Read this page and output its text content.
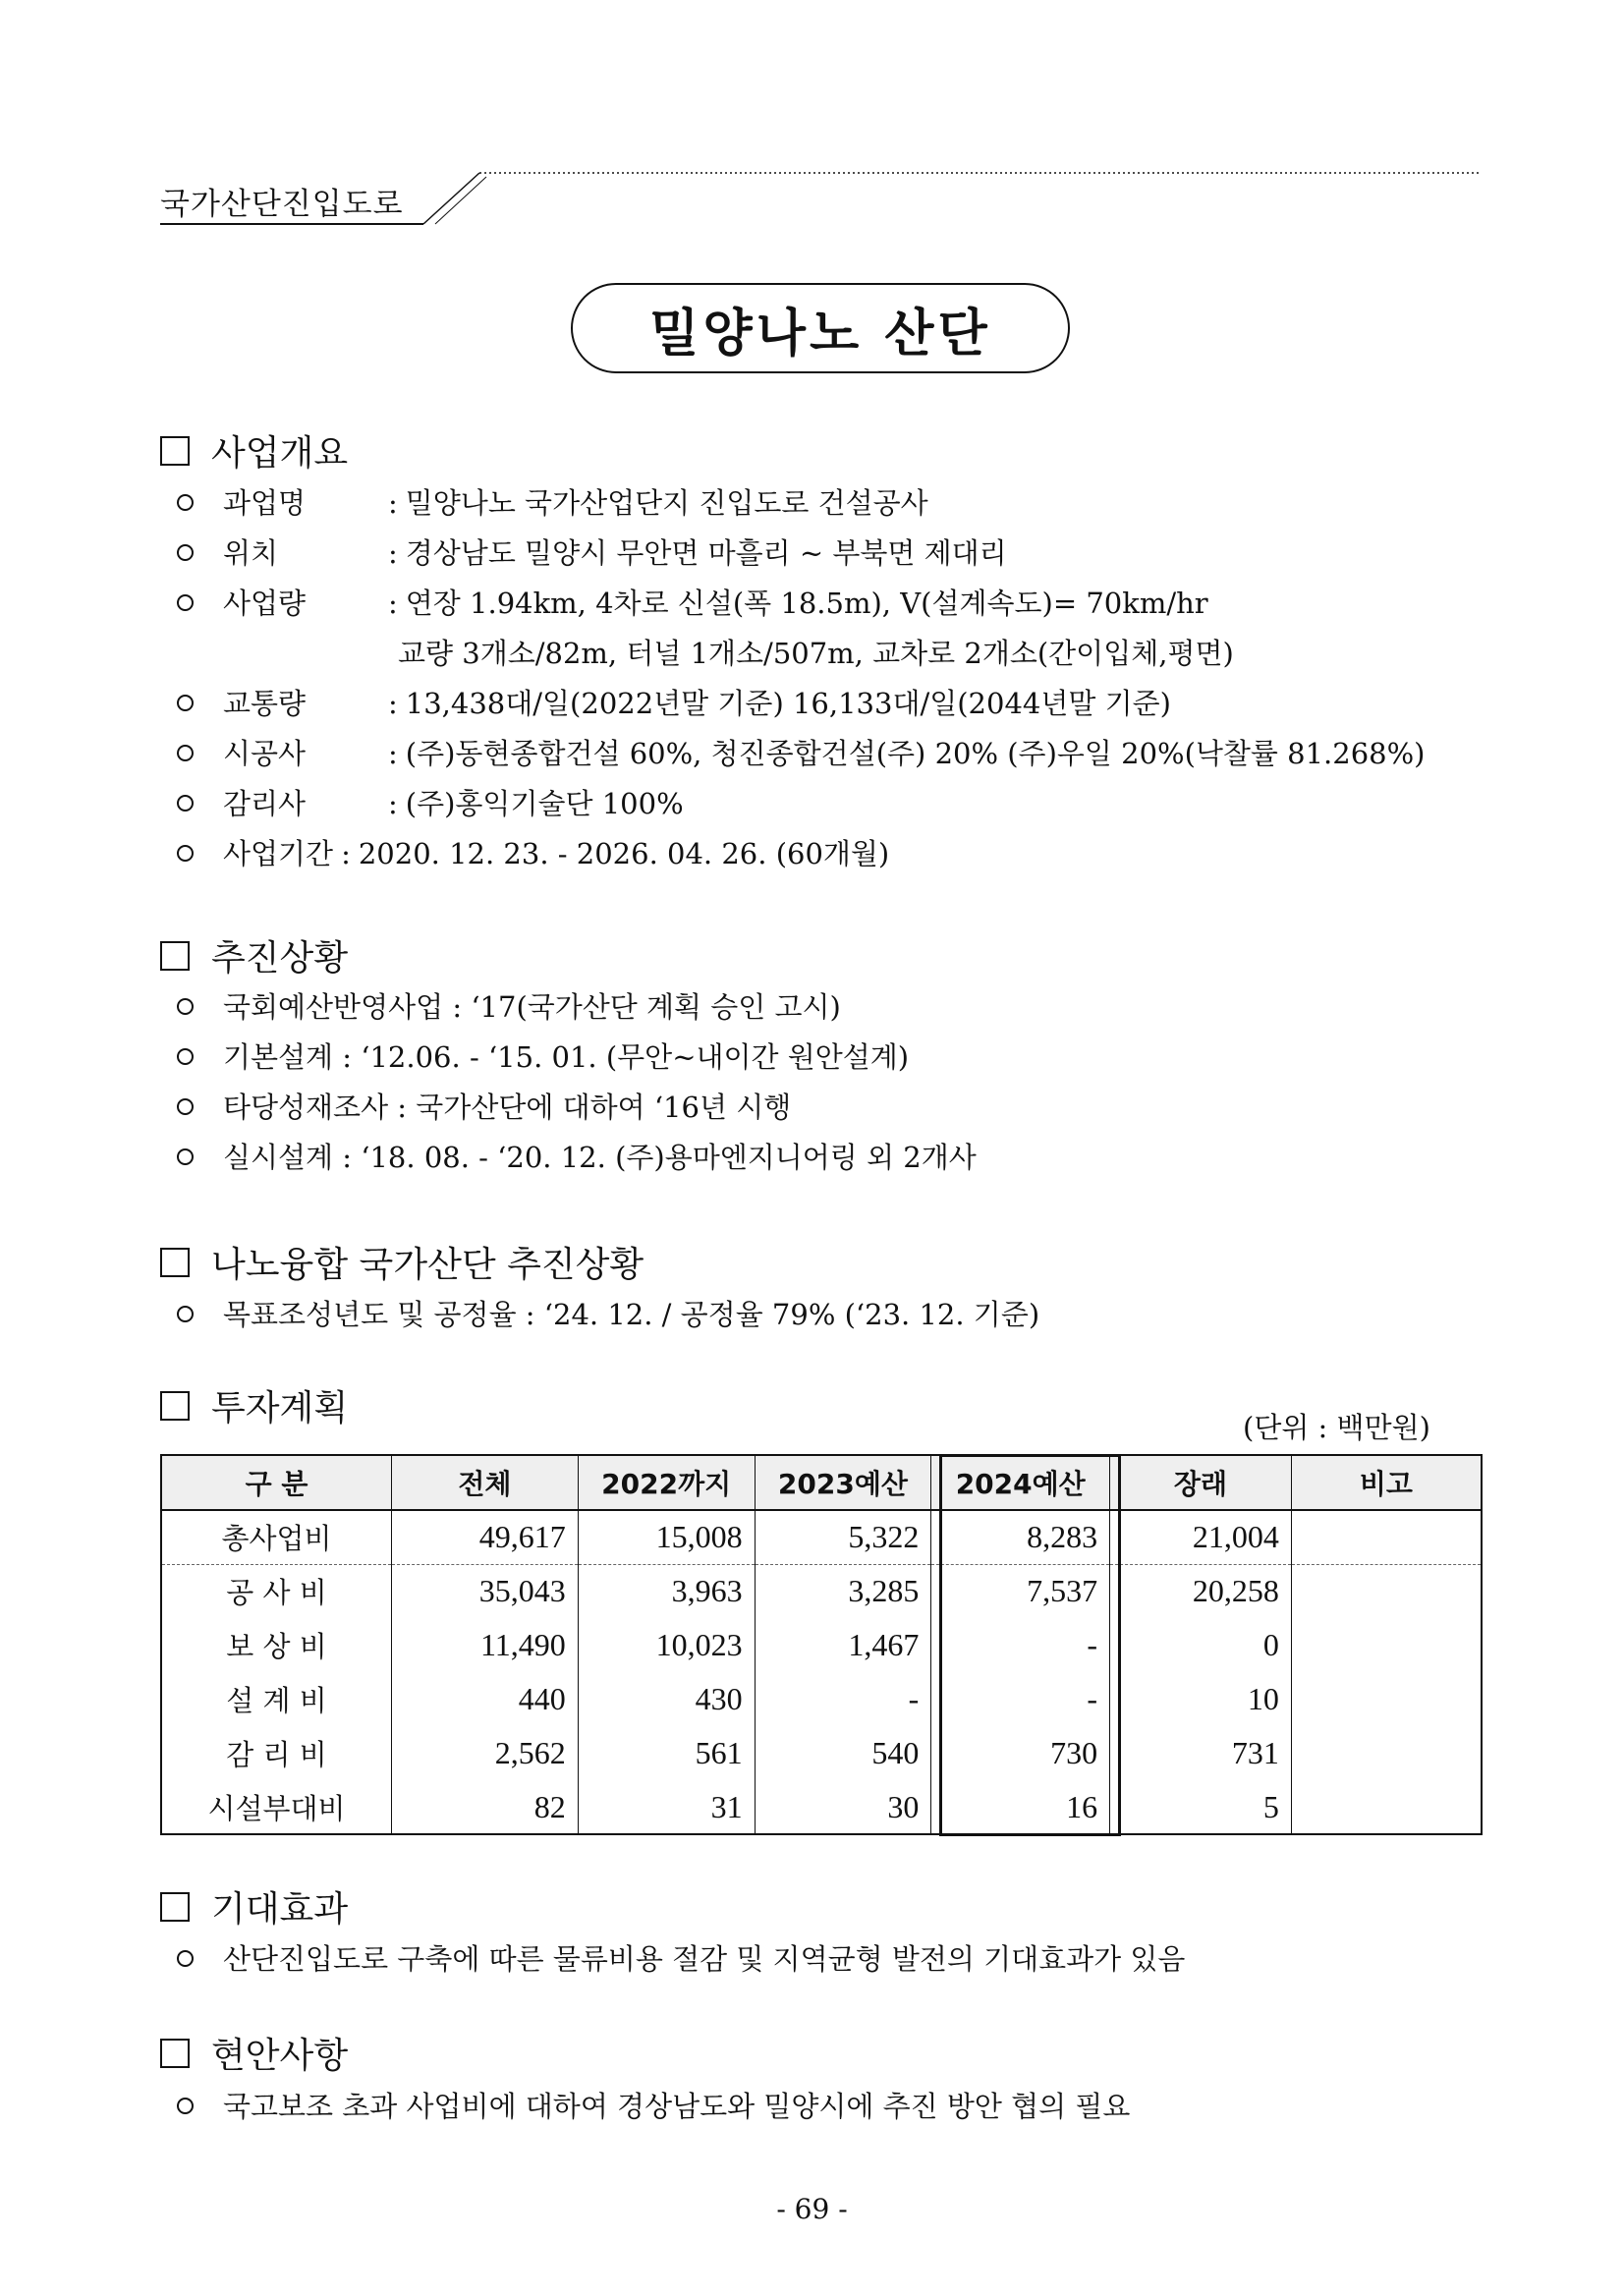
국가산단진입도로
밀양나노 산단
사업개요
과업명	: 밀양나노 국가산업단지 진입도로 건설공사
위치	: 경상남도 밀양시 무안면 마흘리 ~ 부북면 제대리
사업량	: 연장 1.94km, 4차로 신설(폭 18.5m), V(설계속도)= 70km/hr
교량 3개소/82m, 터널 1개소/507m, 교차로 2개소(간이입체,평면)
교통량	: 13,438대/일(2022년말 기준) 16,133대/일(2044년말 기준)
시공사	: (주)동현종합건설 60%, 청진종합건설(주) 20% (주)우일 20%(낙찰률 81.268%)
감리사	: (주)홍익기술단 100%
사업기간 : 2020. 12. 23. - 2026. 04. 26. (60개월)
추진상황
국회예산반영사업 : ‘17(국가산단 계획 승인 고시)
기본설계 : ‘12.06. - ‘15. 01. (무안~내이간 원안설계)
타당성재조사 : 국가산단에 대하여 ‘16년 시행
실시설계 : ‘18. 08. - ‘20. 12. (주)용마엔지니어링 외 2개사
나노융합 국가산단 추진상황
목표조성년도 및 공정율 : ‘24. 12. / 공정율 79% (‘23. 12. 기준)
투자계획	(단위 : 백만원)
구 분	전체	2022까지	2023예산	2024예산	장래	비고
총사업비	49,617	15,008	5,322	8,283	21,004	
공 사 비	35,043	3,963	3,285	7,537	20,258	
보 상 비	11,490	10,023	1,467	-	0	
설 계 비	440	430	-	-	10	
감 리 비	2,562	561	540	730	731	
시설부대비	82	31	30	16	5	
기대효과
산단진입도로 구축에 따른 물류비용 절감 및 지역균형 발전의 기대효과가 있음
현안사항
국고보조 초과 사업비에 대하여 경상남도와 밀양시에 추진 방안 협의 필요
- 69 -
